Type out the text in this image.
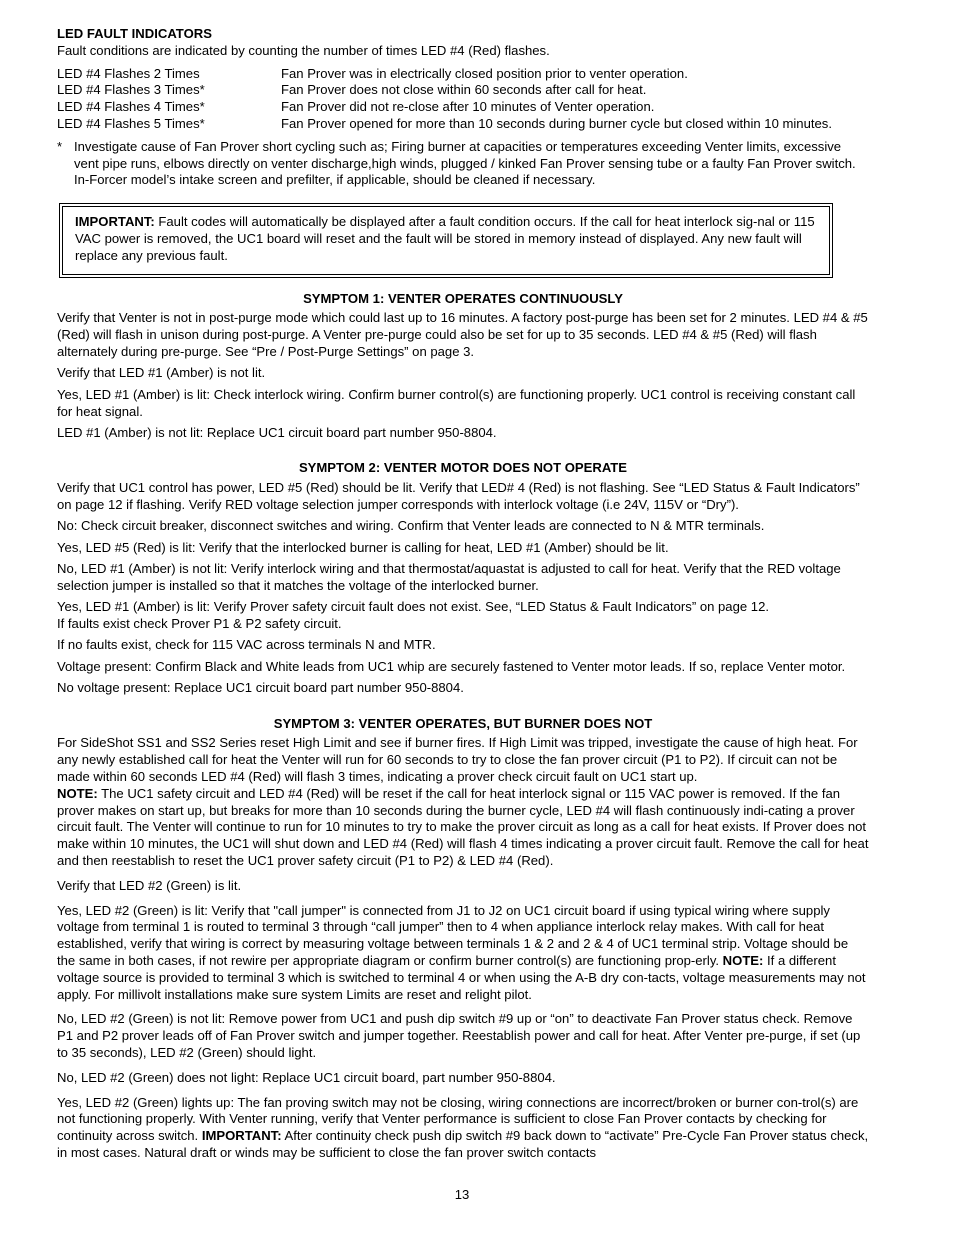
LED FAULT INDICATORS

Fault conditions are indicated by counting the number of times LED #4 (Red) flashes.

LED #4 Flashes 2 Times	Fan Prover was in electrically closed position prior to venter operation.
LED #4 Flashes 3 Times*	Fan Prover does not close within 60 seconds after call for heat.
LED #4 Flashes 4 Times*	Fan Prover did not re-close after 10 minutes of Venter operation.
LED #4 Flashes 5 Times*	Fan Prover opened for more than 10 seconds during burner cycle but closed within 10 minutes.
* Investigate cause of Fan Prover short cycling such as; Firing burner at capacities or temperatures exceeding Venter limits, excessive vent pipe runs, elbows directly on venter discharge,high winds, plugged / kinked Fan Prover sensing tube or a faulty Fan Prover switch. In-Forcer model’s intake screen and prefilter, if applicable, should be cleaned if necessary.

IMPORTANT: Fault codes will automatically be displayed after a fault condition occurs. If the call for heat interlock sig-nal or 115 VAC power is removed, the UC1 board will reset and the fault will be stored in memory instead of displayed. Any new fault will replace any previous fault.

SYMPTOM 1: VENTER OPERATES CONTINUOUSLY

Verify that Venter is not in post-purge mode which could last up to 16 minutes. A factory post-purge has been set for 2 minutes. LED #4 & #5 (Red) will flash in unison during post-purge. A Venter pre-purge could also be set for up to 35 seconds. LED #4 & #5 (Red) will flash alternately during pre-purge. See “Pre / Post-Purge Settings” on page 3.

Verify that LED #1 (Amber) is not lit.

Yes, LED #1 (Amber) is lit: Check interlock wiring. Confirm burner control(s) are functioning properly. UC1 control is receiving constant call for heat signal.

LED #1 (Amber) is not lit: Replace UC1 circuit board part number 950-8804.

SYMPTOM 2: VENTER MOTOR DOES NOT OPERATE

Verify that UC1 control has power, LED #5 (Red) should be lit. Verify that LED# 4 (Red) is not flashing. See “LED Status & Fault Indicators” on page 12 if flashing. Verify RED voltage selection jumper corresponds with interlock voltage (i.e 24V, 115V or “Dry”).

No: Check circuit breaker, disconnect switches and wiring. Confirm that Venter leads are connected to N & MTR terminals.

Yes, LED #5 (Red) is lit: Verify that the interlocked burner is calling for heat, LED #1 (Amber) should be lit.

No, LED #1 (Amber) is not lit: Verify interlock wiring and that thermostat/aquastat is adjusted to call for heat. Verify that the RED voltage selection jumper is installed so that it matches the voltage of the interlocked burner.

Yes, LED #1 (Amber) is lit: Verify Prover safety circuit fault does not exist. See, “LED Status & Fault Indicators” on page 12.
If faults exist check Prover P1 & P2 safety circuit.

If no faults exist, check for 115 VAC across terminals N and MTR.

Voltage present: Confirm Black and White leads from UC1 whip are securely fastened to Venter motor leads. If so, replace Venter motor.

No voltage present: Replace UC1 circuit board part number 950-8804.

SYMPTOM 3: VENTER OPERATES, BUT BURNER DOES NOT

For SideShot SS1 and SS2 Series reset High Limit and see if burner fires. If High Limit was tripped, investigate the cause of high heat. For any newly established call for heat the Venter will run for 60 seconds to try to close the fan prover circuit (P1 to P2). If circuit can not be made within 60 seconds LED #4 (Red) will flash 3 times, indicating a prover check circuit fault on UC1 start up.
NOTE: The UC1 safety circuit and LED #4 (Red) will be reset if the call for heat interlock signal or 115 VAC power is removed. If the fan prover makes on start up, but breaks for more than 10 seconds during the burner cycle, LED #4 will flash continuously indi-cating a prover circuit fault. The Venter will continue to run for 10 minutes to try to make the prover circuit as long as a call for heat exists. If Prover does not make within 10 minutes, the UC1 will shut down and LED #4 (Red) will flash 4 times indicating a prover circuit fault. Remove the call for heat and then reestablish to reset the UC1 prover safety circuit (P1 to P2) & LED #4 (Red).

Verify that LED #2 (Green) is lit.

Yes, LED #2 (Green) is lit: Verify that "call jumper" is connected from J1 to J2 on UC1 circuit board if using typical wiring where supply voltage from terminal 1 is routed to terminal 3 through “call jumper” then to 4 when appliance interlock relay makes. With call for heat established, verify that wiring is correct by measuring voltage between terminals 1 & 2 and 2 & 4 of UC1 terminal strip. Voltage should be the same in both cases, if not rewire per appropriate diagram or confirm burner control(s) are functioning prop-erly. NOTE: If a different voltage source is provided to terminal 3 which is switched to terminal 4 or when using the A-B dry con-tacts, voltage measurements may not apply. For millivolt installations make sure system Limits are reset and relight pilot.

No, LED #2 (Green) is not lit: Remove power from UC1 and push dip switch #9 up or “on” to deactivate Fan Prover status check. Remove P1 and P2 prover leads off of Fan Prover switch and jumper together. Reestablish power and call for heat. After Venter pre-purge, if set (up to 35 seconds), LED #2 (Green) should light.

No, LED #2 (Green) does not light: Replace UC1 circuit board, part number 950-8804.

Yes, LED #2 (Green) lights up: The fan proving switch may not be closing, wiring connections are incorrect/broken or burner con-trol(s) are not functioning properly. With Venter running, verify that Venter performance is sufficient to close Fan Prover contacts by checking for continuity across switch. IMPORTANT: After continuity check push dip switch #9 back down to “activate” Pre-Cycle Fan Prover status check, in most cases. Natural draft or winds may be sufficient to close the fan prover switch contacts

13
